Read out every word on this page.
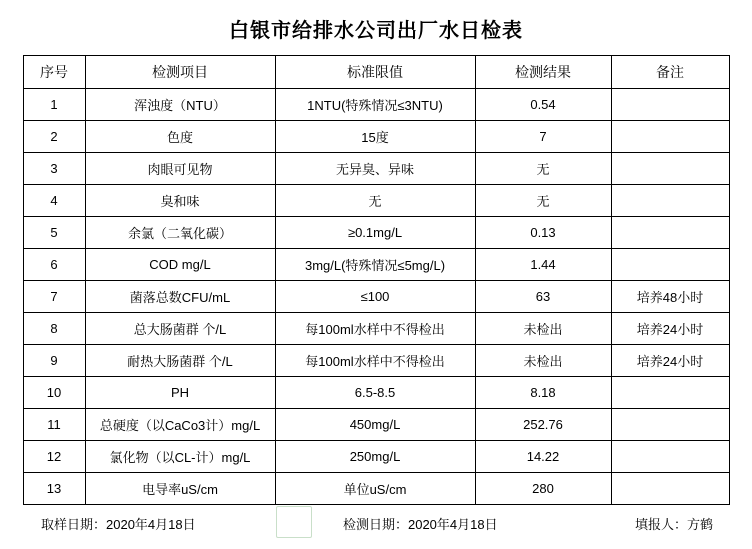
白银市给排水公司出厂水日检表
序号	检测项目	标准限值	检测结果	备注
1	浑浊度（NTU）	1NTU(特殊情况≤3NTU)	0.54	
2	色度	15度	7	
3	肉眼可见物	无异臭、异味	无	
4	臭和味	无	无	
5	余氯（二氧化碳）	≥0.1mg/L	0.13	
6	COD mg/L	3mg/L(特殊情况≤5mg/L)	1.44	
7	菌落总数CFU/mL	≤100	63	培养48小时
8	总大肠菌群 个/L	每100ml水样中不得检出	未检出	培养24小时
9	耐热大肠菌群 个/L	每100ml水样中不得检出	未检出	培养24小时
10	PH	6.5-8.5	8.18	
11	总硬度（以CaCo3计）mg/L	450mg/L	252.76	
12	氯化物（以CL-计）mg/L	250mg/L	14.22	
13	电导率uS/cm	单位uS/cm	280	
取样日期：2020年4月18日	检测日期：2020年4月18日	填报人：方鹤
